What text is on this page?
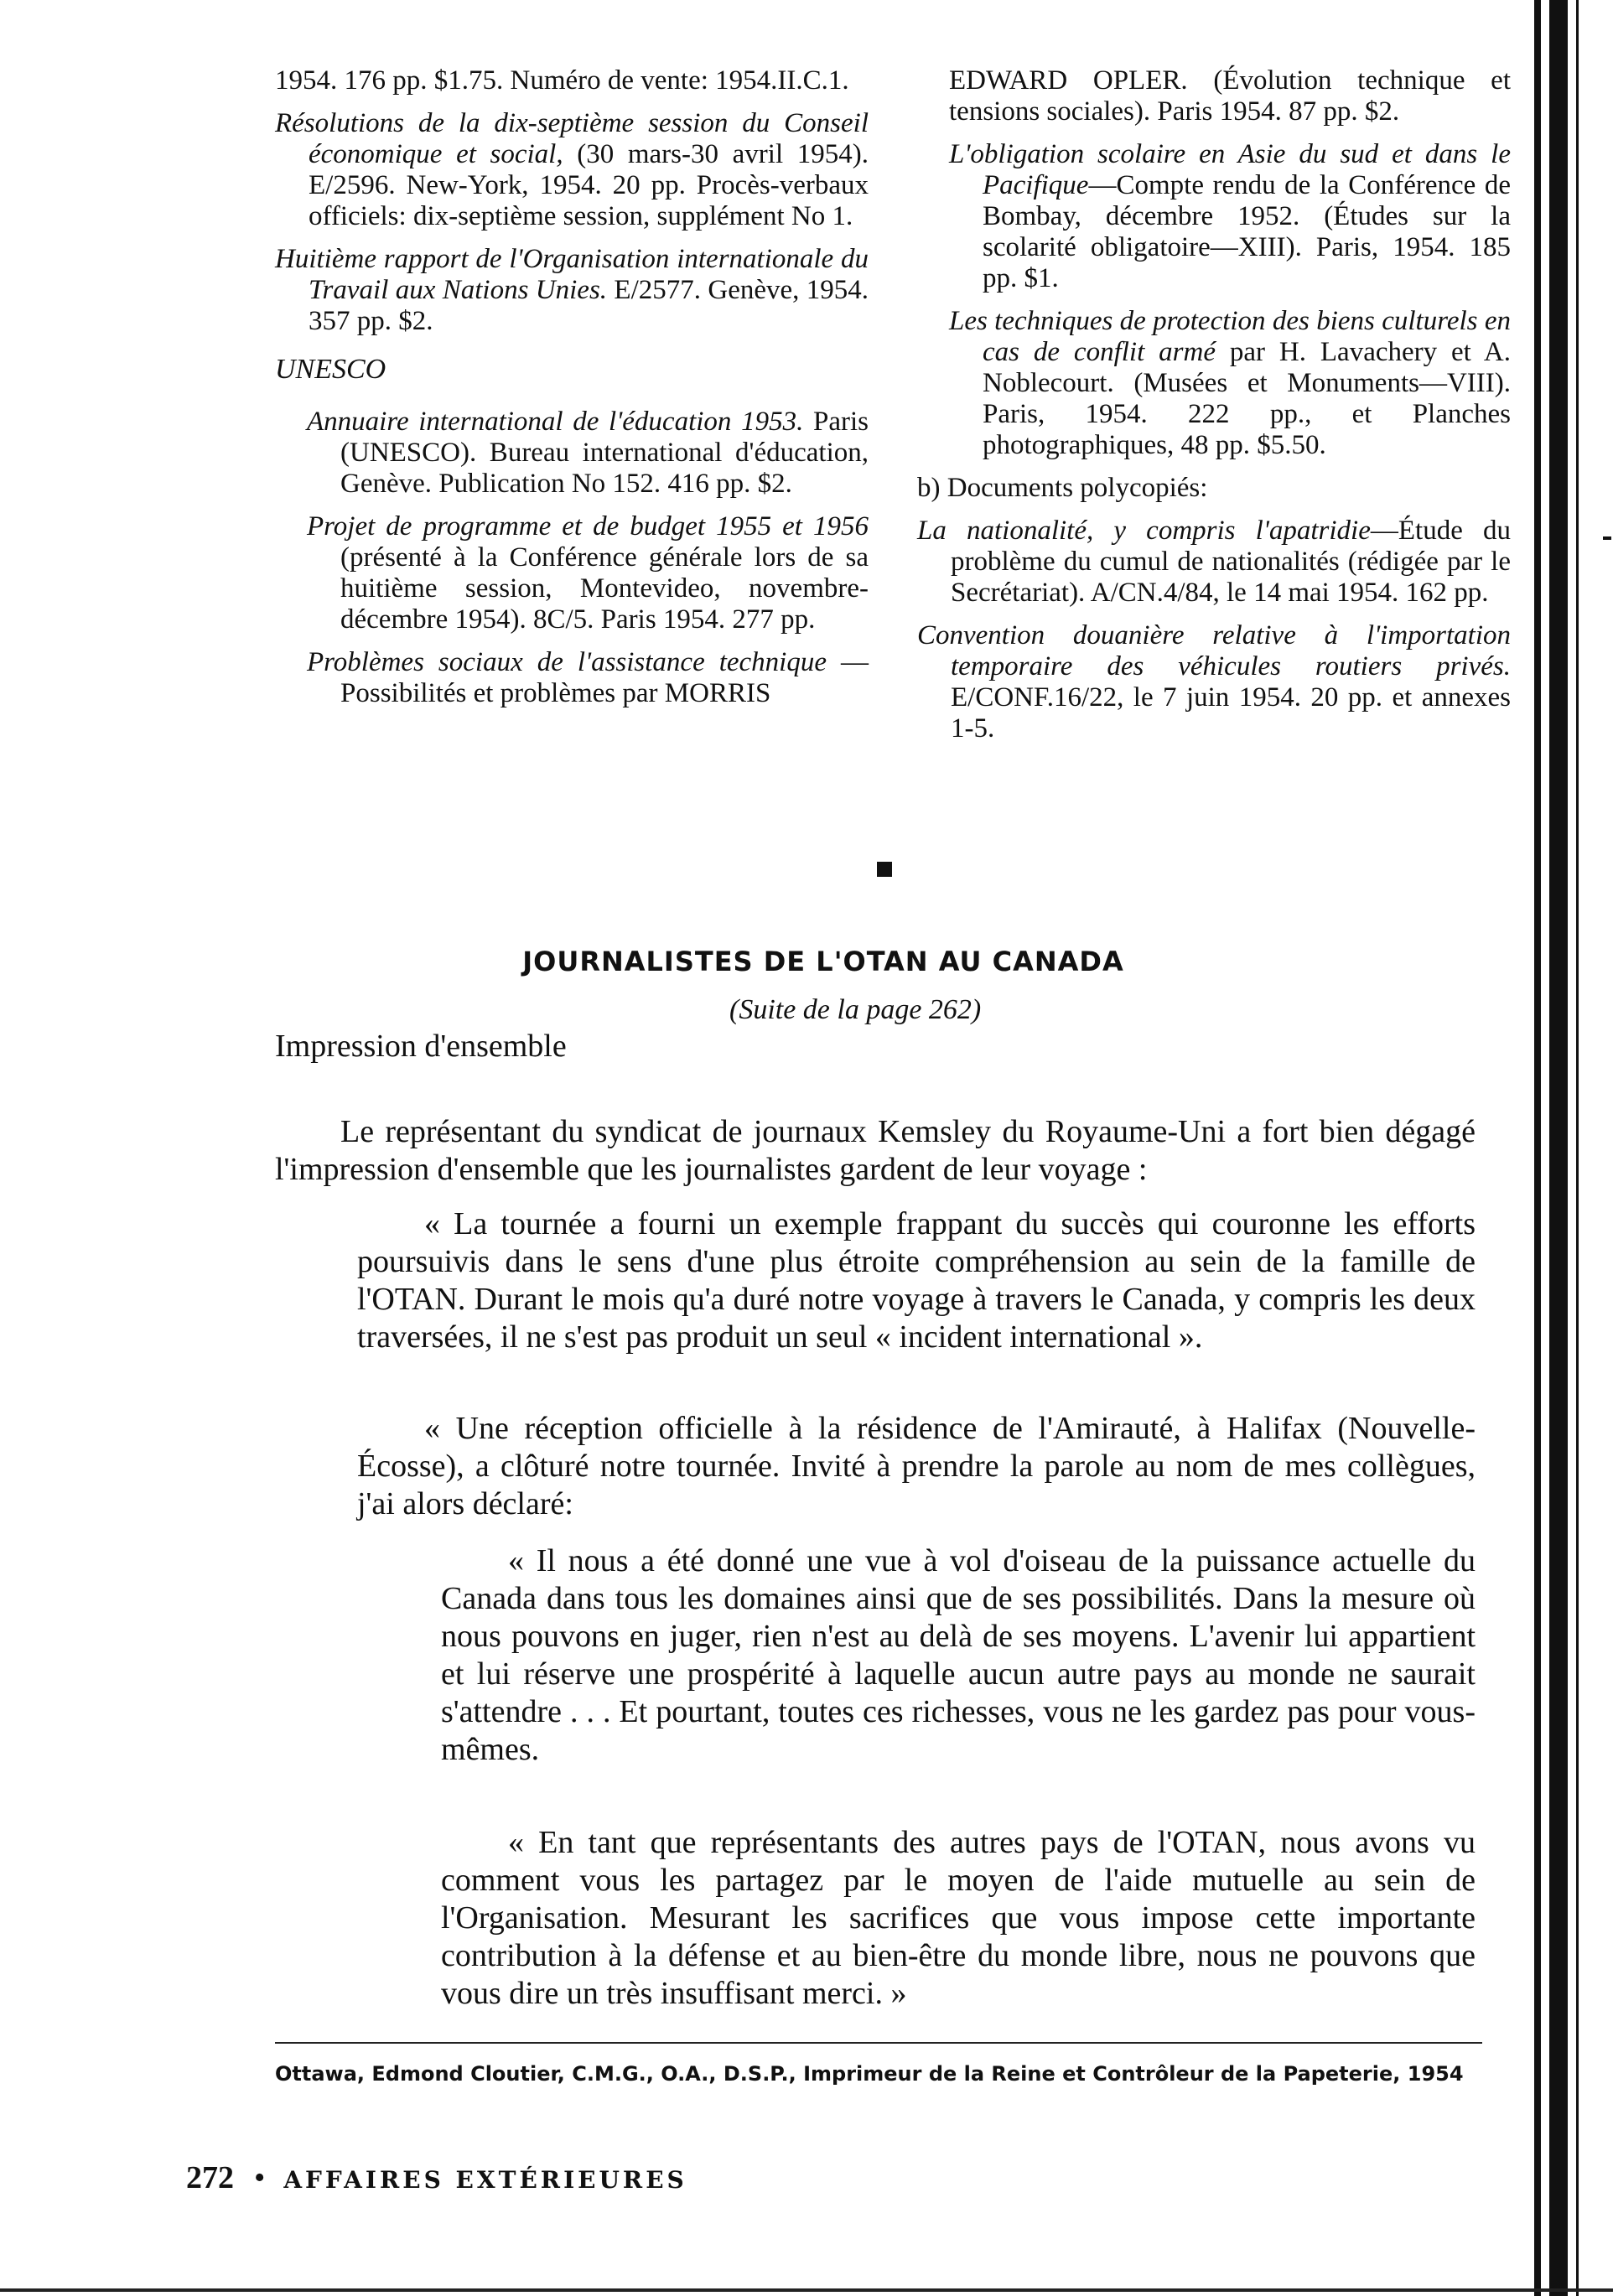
1954. 176 pp. $1.75. Numéro de vente: 1954.II.C.1.

Résolutions de la dix-septième session du Conseil économique et social, (30 mars-30 avril 1954). E/2596. New-York, 1954. 20 pp. Procès-verbaux officiels: dix-septième session, supplément No 1.

Huitième rapport de l'Organisation internationale du Travail aux Nations Unies. E/2577. Genève, 1954. 357 pp. $2.

UNESCO

Annuaire international de l'éducation 1953. Paris (UNESCO). Bureau international d'éducation, Genève. Publication No 152. 416 pp. $2.

Projet de programme et de budget 1955 et 1956 (présenté à la Conférence générale lors de sa huitième session, Montevideo, novembre-décembre 1954). 8C/5. Paris 1954. 277 pp.

Problèmes sociaux de l'assistance technique —Possibilités et problèmes par MORRIS

EDWARD OPLER. (Évolution technique et tensions sociales). Paris 1954. 87 pp. $2.

L'obligation scolaire en Asie du sud et dans le Pacifique—Compte rendu de la Conférence de Bombay, décembre 1952. (Études sur la scolarité obligatoire—XIII). Paris, 1954. 185 pp. $1.

Les techniques de protection des biens culturels en cas de conflit armé par H. Lavachery et A. Noblecourt. (Musées et Monuments—VIII). Paris, 1954. 222 pp., et Planches photographiques, 48 pp. $5.50.

b) Documents polycopiés:

La nationalité, y compris l'apatridie—Étude du problème du cumul de nationalités (rédigée par le Secrétariat). A/CN.4/84, le 14 mai 1954. 162 pp.

Convention douanière relative à l'importation temporaire des véhicules routiers privés. E/CONF.16/22, le 7 juin 1954. 20 pp. et annexes 1-5.

JOURNALISTES DE L'OTAN AU CANADA
(Suite de la page 262)
Impression d'ensemble

Le représentant du syndicat de journaux Kemsley du Royaume-Uni a fort bien dégagé l'impression d'ensemble que les journalistes gardent de leur voyage :

« La tournée a fourni un exemple frappant du succès qui couronne les efforts poursuivis dans le sens d'une plus étroite compréhension au sein de la famille de l'OTAN. Durant le mois qu'a duré notre voyage à travers le Canada, y compris les deux traversées, il ne s'est pas produit un seul « incident international ».

« Une réception officielle à la résidence de l'Amirauté, à Halifax (Nouvelle-Écosse), a clôturé notre tournée. Invité à prendre la parole au nom de mes collègues, j'ai alors déclaré:

« Il nous a été donné une vue à vol d'oiseau de la puissance actuelle du Canada dans tous les domaines ainsi que de ses possibilités. Dans la mesure où nous pouvons en juger, rien n'est au delà de ses moyens. L'avenir lui appartient et lui réserve une prospérité à laquelle aucun autre pays au monde ne saurait s'attendre . . . Et pourtant, toutes ces richesses, vous ne les gardez pas pour vous-mêmes.

« En tant que représentants des autres pays de l'OTAN, nous avons vu comment vous les partagez par le moyen de l'aide mutuelle au sein de l'Organisation. Mesurant les sacrifices que vous impose cette importante contribution à la défense et au bien-être du monde libre, nous ne pouvons que vous dire un très insuffisant merci. »

Ottawa, Edmond Cloutier, C.M.G., O.A., D.S.P., Imprimeur de la Reine et Contrôleur de la Papeterie, 1954
272 • AFFAIRES EXTÉRIEURES
